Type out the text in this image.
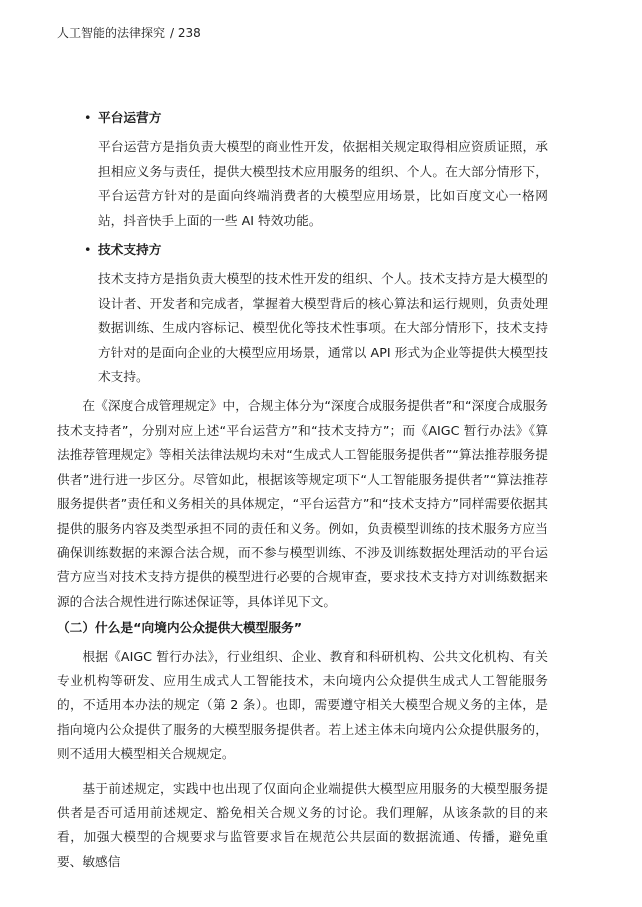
人工智能的法律探究 / 238
• 平台运营方
平台运营方是指负责大模型的商业性开发，依据相关规定取得相应资质证照，承担相应义务与责任，提供大模型技术应用服务的组织、个人。在大部分情形下，平台运营方针对的是面向终端消费者的大模型应用场景，比如百度文心一格网站，抖音快手上面的一些 AI 特效功能。
• 技术支持方
技术支持方是指负责大模型的技术性开发的组织、个人。技术支持方是大模型的设计者、开发者和完成者，掌握着大模型背后的核心算法和运行规则，负责处理数据训练、生成内容标记、模型优化等技术性事项。在大部分情形下，技术支持方针对的是面向企业的大模型应用场景，通常以 API 形式为企业等提供大模型技术支持。
在《深度合成管理规定》中，合规主体分为“深度合成服务提供者”和“深度合成服务技术支持者”，分别对应上述“平台运营方”和“技术支持方”；而《AIGC 暂行办法》《算法推荐管理规定》等相关法律法规均未对“生成式人工智能服务提供者”“算法推荐服务提供者”进行进一步区分。尽管如此，根据该等规定项下“人工智能服务提供者”“算法推荐服务提供者”责任和义务相关的具体规定，“平台运营方”和“技术支持方”同样需要依据其提供的服务内容及类型承担不同的责任和义务。例如，负责模型训练的技术服务方应当确保训练数据的来源合法合规，而不参与模型训练、不涉及训练数据处理活动的平台运营方应当对技术支持方提供的模型进行必要的合规审查，要求技术支持方对训练数据来源的合法合规性进行陈述保证等，具体详见下文。
（二）什么是“向境内公众提供大模型服务”
根据《AIGC 暂行办法》，行业组织、企业、教育和科研机构、公共文化机构、有关专业机构等研发、应用生成式人工智能技术，未向境内公众提供生成式人工智能服务的，不适用本办法的规定（第 2 条）。也即，需要遵守相关大模型合规义务的主体，是指向境内公众提供了服务的大模型服务提供者。若上述主体未向境内公众提供服务的，则不适用大模型相关合规规定。
基于前述规定，实践中也出现了仅面向企业端提供大模型应用服务的大模型服务提供者是否可适用前述规定、豁免相关合规义务的讨论。我们理解，从该条款的目的来看，加强大模型的合规要求与监管要求旨在规范公共层面的数据流通、传播，避免重要、敏感信
